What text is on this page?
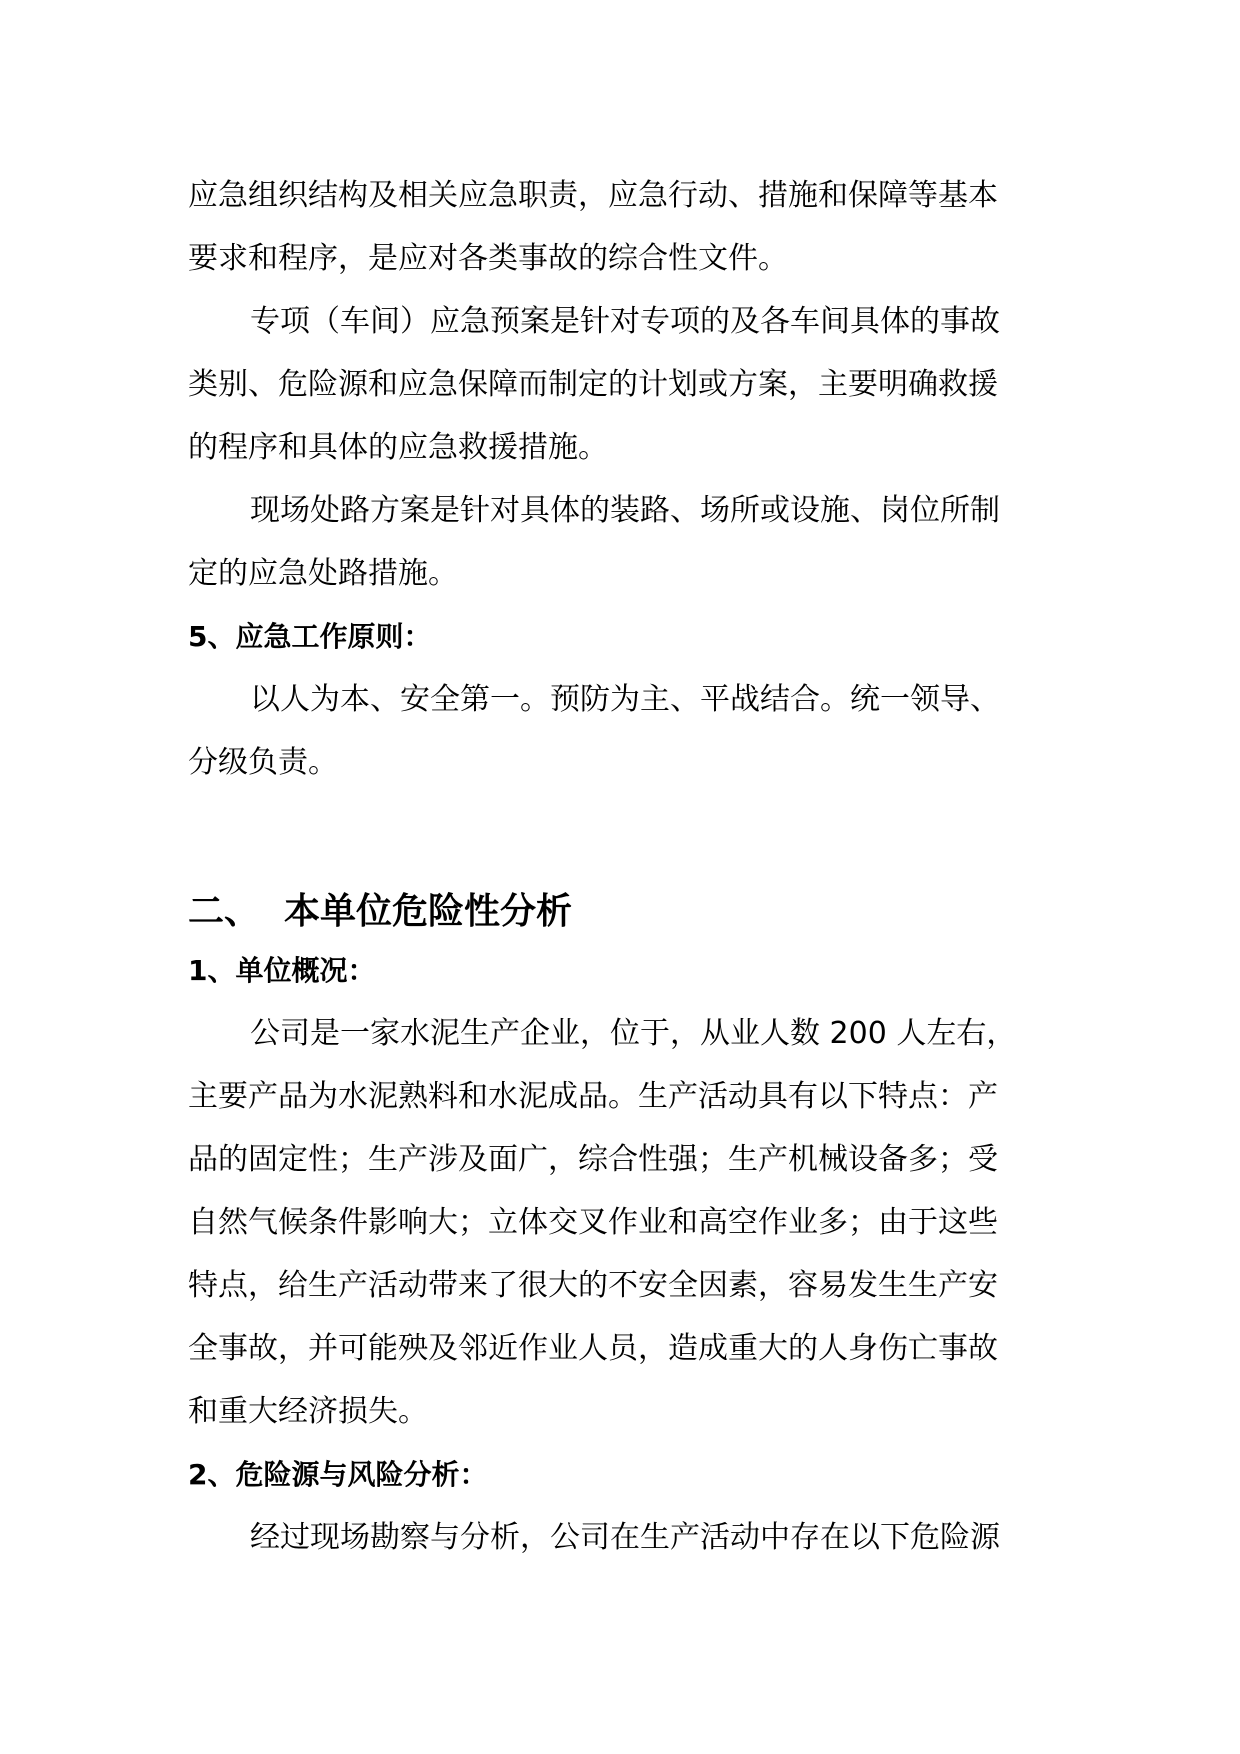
应急组织结构及相关应急职责，应急行动、措施和保障等基本

要求和程序，是应对各类事故的综合性文件。

专项（车间）应急预案是针对专项的及各车间具体的事故

类别、危险源和应急保障而制定的计划或方案，主要明确救援

的程序和具体的应急救援措施。

现场处路方案是针对具体的装路、场所或设施、岗位所制

定的应急处路措施。

5、应急工作原则：

以人为本、安全第一。预防为主、平战结合。统一领导、

分级负责。

二、 本单位危险性分析

1、单位概况：

公司是一家水泥生产企业，位于，从业人数 200 人左右，

主要产品为水泥熟料和水泥成品。生产活动具有以下特点：产

品的固定性；生产涉及面广，综合性强；生产机械设备多；受

自然气候条件影响大；立体交叉作业和高空作业多；由于这些

特点，给生产活动带来了很大的不安全因素，容易发生生产安

全事故，并可能殃及邻近作业人员，造成重大的人身伤亡事故

和重大经济损失。

2、危险源与风险分析：

经过现场勘察与分析，公司在生产活动中存在以下危险源
